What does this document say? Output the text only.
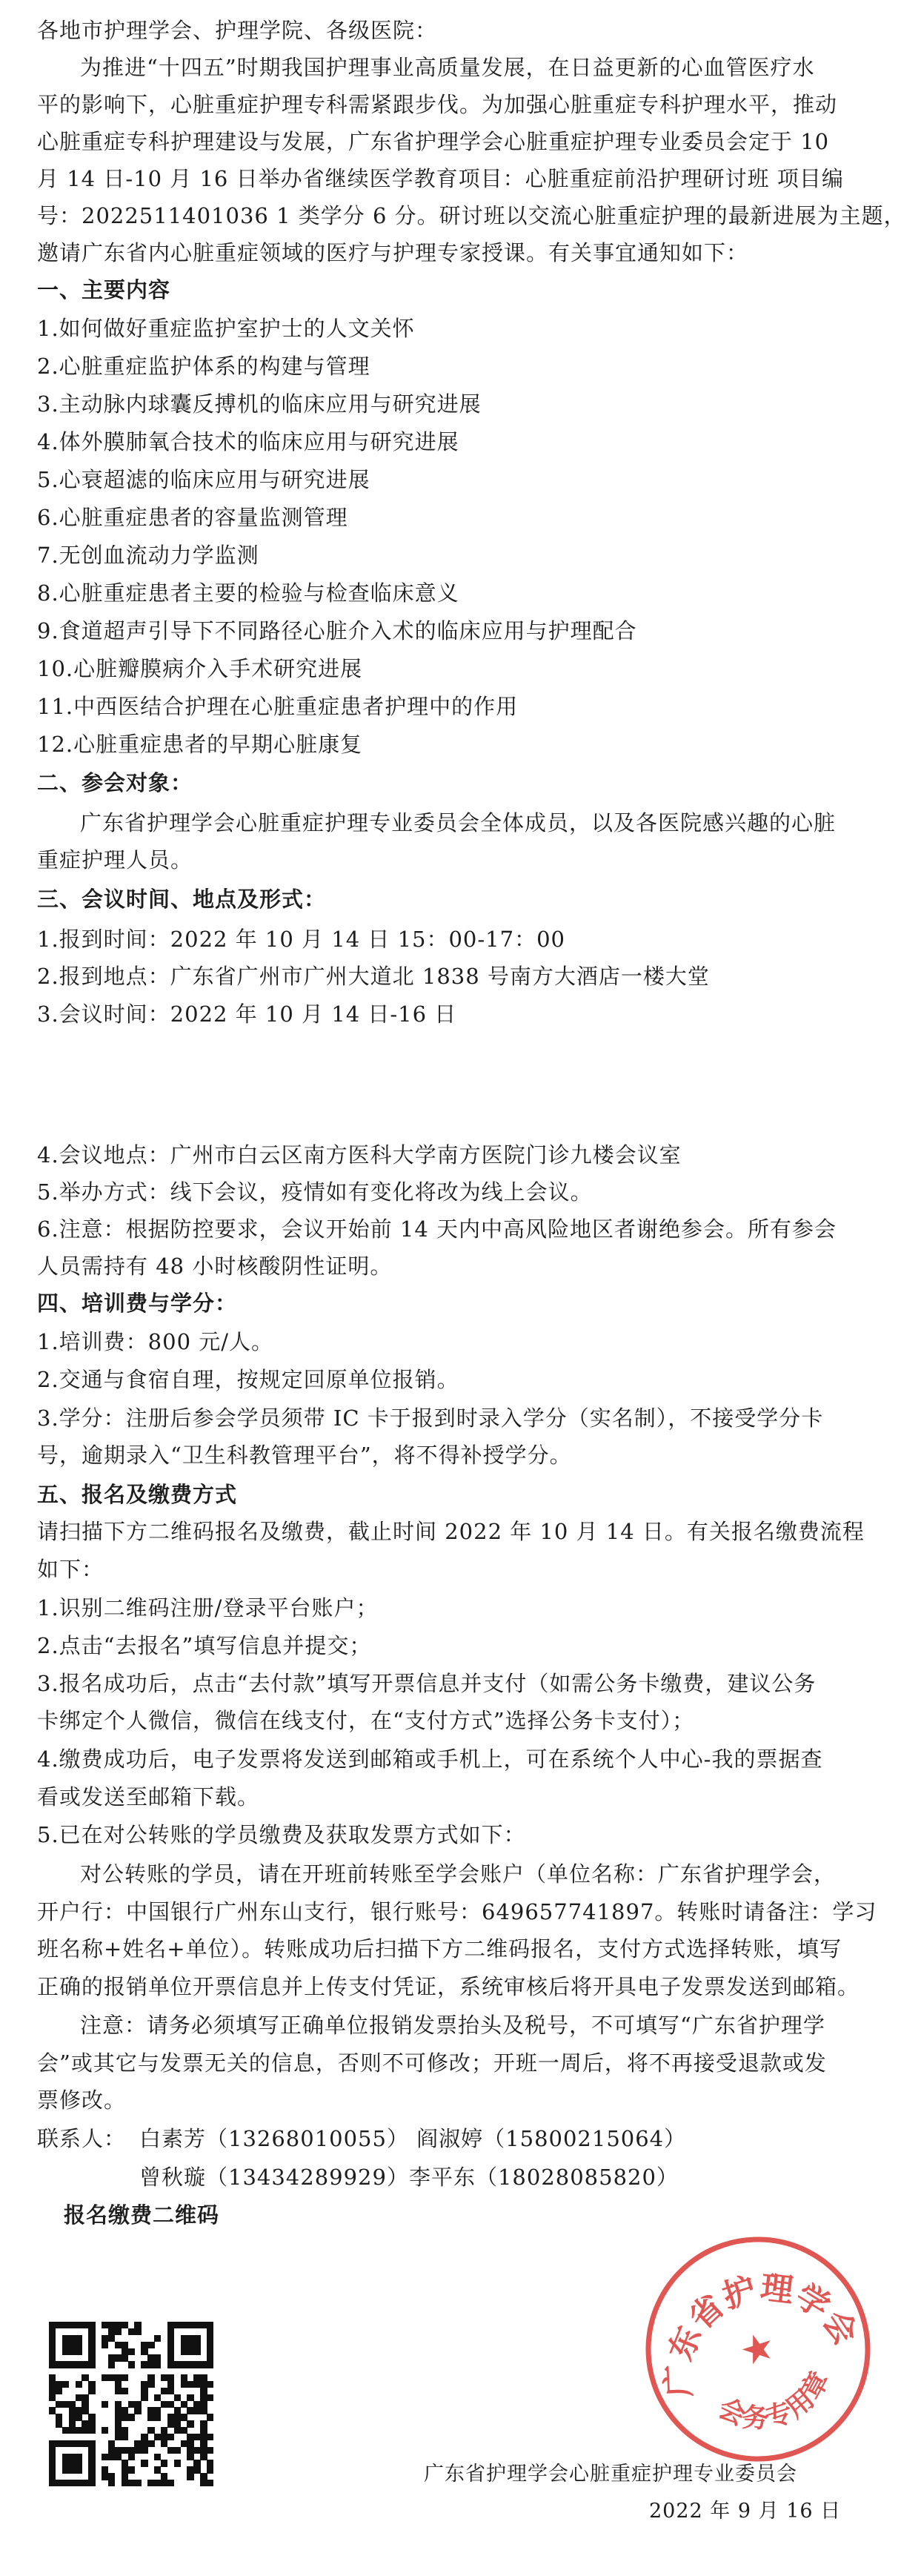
各地市护理学会、护理学院、各级医院：
为推进“十四五”时期我国护理事业高质量发展，在日益更新的心血管医疗水
平的影响下，心脏重症护理专科需紧跟步伐。为加强心脏重症专科护理水平，推动
心脏重症专科护理建设与发展，广东省护理学会心脏重症护理专业委员会定于 10
月 14 日-10 月 16 日举办省继续医学教育项目：心脏重症前沿护理研讨班 项目编
号：2022511401036 1 类学分 6 分。研讨班以交流心脏重症护理的最新进展为主题，
邀请广东省内心脏重症领域的医疗与护理专家授课。有关事宜通知如下：
一、主要内容
1.如何做好重症监护室护士的人文关怀
2.心脏重症监护体系的构建与管理
3.主动脉内球囊反搏机的临床应用与研究进展
4.体外膜肺氧合技术的临床应用与研究进展
5.心衰超滤的临床应用与研究进展
6.心脏重症患者的容量监测管理
7.无创血流动力学监测
8.心脏重症患者主要的检验与检查临床意义
9.食道超声引导下不同路径心脏介入术的临床应用与护理配合
10.心脏瓣膜病介入手术研究进展
11.中西医结合护理在心脏重症患者护理中的作用
12.心脏重症患者的早期心脏康复
二、参会对象：
广东省护理学会心脏重症护理专业委员会全体成员，以及各医院感兴趣的心脏
重症护理人员。
三、会议时间、地点及形式：
1.报到时间：2022 年 10 月 14 日 15：00-17：00
2.报到地点：广东省广州市广州大道北 1838 号南方大酒店一楼大堂
3.会议时间：2022 年 10 月 14 日-16 日
4.会议地点：广州市白云区南方医科大学南方医院门诊九楼会议室
5.举办方式：线下会议，疫情如有变化将改为线上会议。
6.注意：根据防控要求，会议开始前 14 天内中高风险地区者谢绝参会。所有参会
人员需持有 48 小时核酸阴性证明。
四、培训费与学分：
1.培训费：800 元/人。
2.交通与食宿自理，按规定回原单位报销。
3.学分：注册后参会学员须带 IC 卡于报到时录入学分（实名制），不接受学分卡
号，逾期录入“卫生科教管理平台”，将不得补授学分。
五、报名及缴费方式
请扫描下方二维码报名及缴费，截止时间 2022 年 10 月 14 日。有关报名缴费流程
如下：
1.识别二维码注册/登录平台账户；
2.点击“去报名”填写信息并提交；
3.报名成功后，点击“去付款”填写开票信息并支付（如需公务卡缴费，建议公务
卡绑定个人微信，微信在线支付，在“支付方式”选择公务卡支付）；
4.缴费成功后，电子发票将发送到邮箱或手机上，可在系统个人中心-我的票据查
看或发送至邮箱下载。
5.已在对公转账的学员缴费及获取发票方式如下：
对公转账的学员，请在开班前转账至学会账户（单位名称：广东省护理学会，
开户行：中国银行广州东山支行，银行账号：649657741897。转账时请备注：学习
班名称+姓名+单位）。转账成功后扫描下方二维码报名，支付方式选择转账，填写
正确的报销单位开票信息并上传支付凭证，系统审核后将开具电子发票发送到邮箱。
注意：请务必须填写正确单位报销发票抬头及税号，不可填写“广东省护理学
会”或其它与发票无关的信息，否则不可修改；开班一周后，将不再接受退款或发
票修改。
联系人： 白素芳（13268010055） 阎淑婷（15800215064）
曾秋璇（13434289929）李平东（18028085820）
报名缴费二维码
广东省护理学会
★
会务专用章
广东省护理学会心脏重症护理专业委员会
2022 年 9 月 16 日
